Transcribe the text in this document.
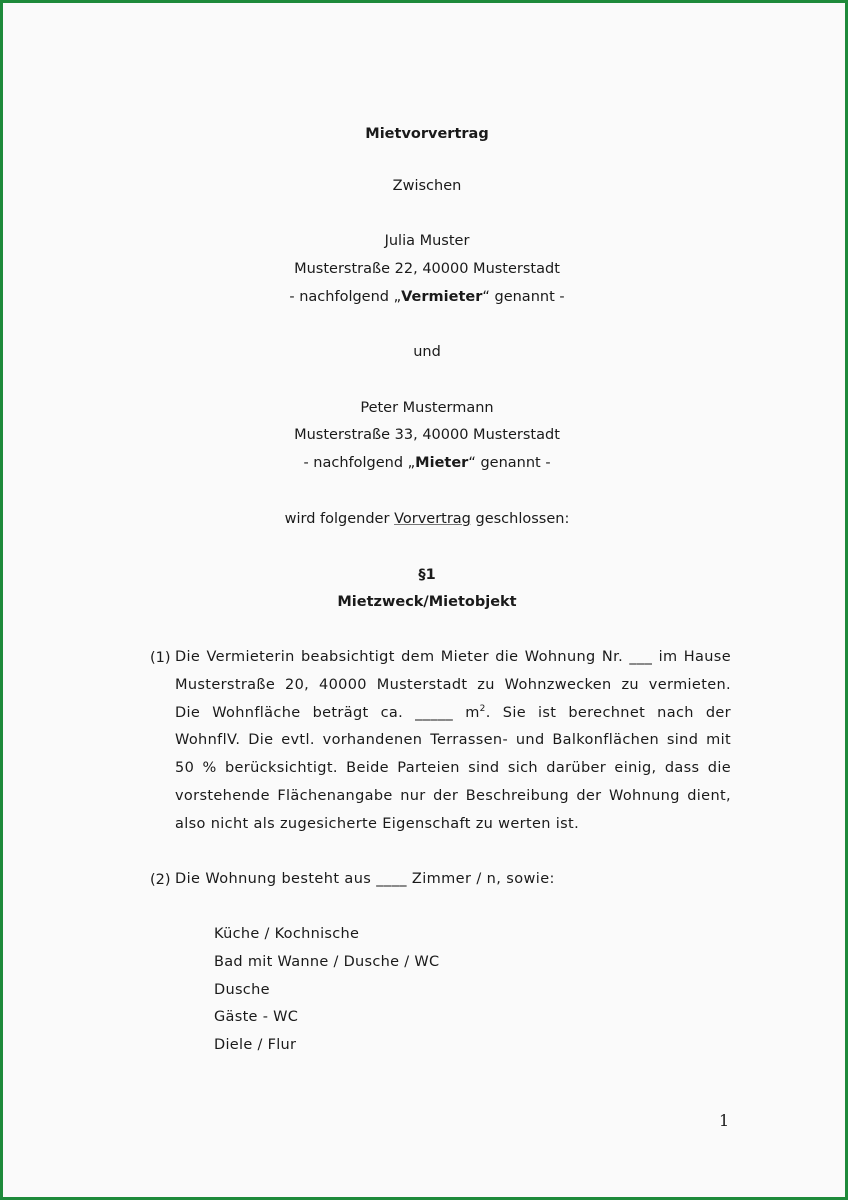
Mietvorvertrag
Zwischen
Julia Muster
Musterstraße 22, 40000 Musterstadt
- nachfolgend „Vermieter“ genannt -
und
Peter Mustermann
Musterstraße 33, 40000 Musterstadt
- nachfolgend „Mieter“ genannt -
wird folgender Vorvertrag geschlossen:
§1
Mietzweck/Mietobjekt
(1) Die Vermieterin beabsichtigt dem Mieter die Wohnung Nr. ___ im Hause
Musterstraße 20, 40000 Musterstadt zu Wohnzwecken zu vermieten.
Die Wohnfläche beträgt ca. _____ $m^2$. Sie ist berechnet nach der
WohnflV. Die evtl. vorhandenen Terrassen- und Balkonflächen sind mit
50 % berücksichtigt. Beide Parteien sind sich darüber einig, dass die
vorstehende Flächenangabe nur der Beschreibung der Wohnung dient,
also nicht als zugesicherte Eigenschaft zu werten ist.
(2) Die Wohnung besteht aus ____ Zimmer / n, sowie:
Küche / Kochnische
Bad mit Wanne / Dusche / WC
Dusche
Gäste - WC
Diele / Flur
1
